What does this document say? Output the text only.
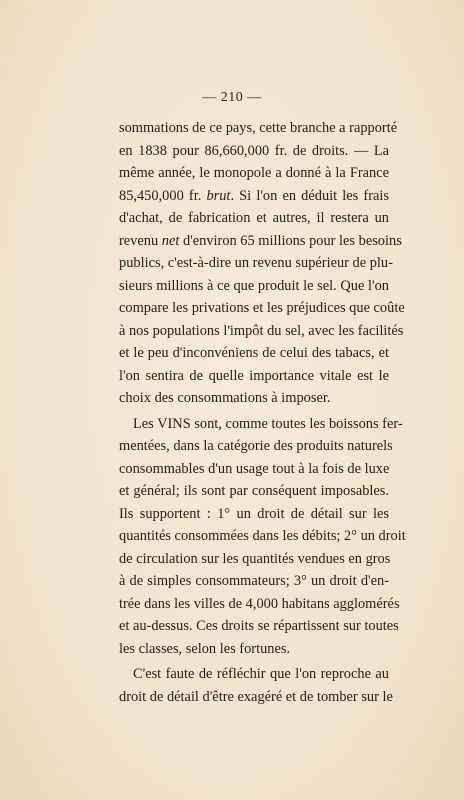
— 210 —
sommations de ce pays, cette branche a rapporté
en 1838 pour 86,660,000 fr. de droits. — La
même année, le monopole a donné à la France
85,450,000 fr. brut. Si l'on en déduit les frais
d'achat, de fabrication et autres, il restera un
revenu net d'environ 65 millions pour les besoins
publics, c'est-à-dire un revenu supérieur de plu-
sieurs millions à ce que produit le sel. Que l'on
compare les privations et les préjudices que coûte
à nos populations l'impôt du sel, avec les facilités
et le peu d'inconvéniens de celui des tabacs, et
l'on sentira de quelle importance vitale est le
choix des consommations à imposer.
Les VINS sont, comme toutes les boissons fer-
mentées, dans la catégorie des produits naturels
consommables d'un usage tout à la fois de luxe
et général; ils sont par conséquent imposables.
Ils supportent : 1° un droit de détail sur les
quantités consommées dans les débits; 2° un droit
de circulation sur les quantités vendues en gros
à de simples consommateurs; 3° un droit d'en-
trée dans les villes de 4,000 habitans agglomérés
et au-dessus. Ces droits se répartissent sur toutes
les classes, selon les fortunes.
C'est faute de réfléchir que l'on reproche au
droit de détail d'être exagéré et de tomber sur le
